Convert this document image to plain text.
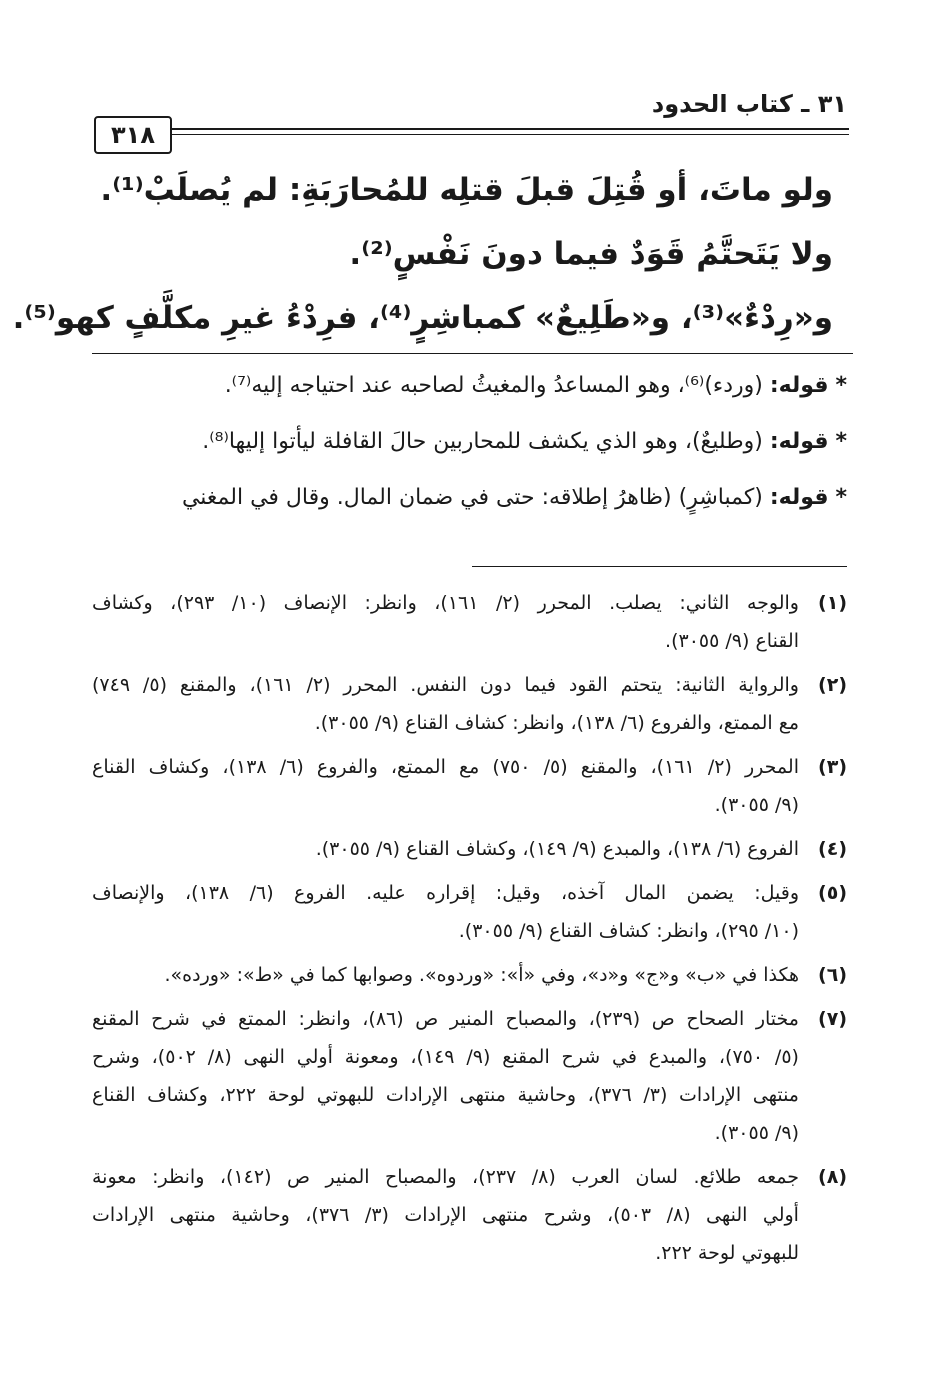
٣١ ـ كتاب الحدود
٣١٨
ولو ماتَ، أو قُتِلَ قبلَ قتلِه للمُحارَبَةِ: لم يُصلَبْ⁽¹⁾.
ولا يَتَحتَّمُ قَوَدٌ فيما دونَ نَفْسٍ⁽²⁾.
و«رِدْءٌ»⁽³⁾، و«طَلِيعٌ» كمباشِرٍ⁽⁴⁾، فرِدْءُ غيرِ مكلَّفٍ كهو⁽⁵⁾.
* قوله: (وردء)⁽⁶⁾، وهو المساعدُ والمغيثُ لصاحبه عند احتياجه إليه⁽⁷⁾.
* قوله: (وطليعٌ)، وهو الذي يكشف للمحاربين حالَ القافلة ليأتوا إليها⁽⁸⁾.
* قوله: (كمباشِرٍ) (ظاهرُ إطلاقه: حتى في ضمان المال. وقال في المغني
(١)
والوجه الثاني: يصلب. المحرر (٢/ ١٦١)، وانظر: الإنصاف (١٠/ ٢٩٣)، وكشاف
القناع (٩/ ٣٠٥٥).
(٢)
والرواية الثانية: يتحتم القود فيما دون النفس. المحرر (٢/ ١٦١)، والمقنع (٥/ ٧٤٩)
مع الممتع، والفروع (٦/ ١٣٨)، وانظر: كشاف القناع (٩/ ٣٠٥٥).
(٣)
المحرر (٢/ ١٦١)، والمقنع (٥/ ٧٥٠) مع الممتع، والفروع (٦/ ١٣٨)، وكشاف القناع
(٩/ ٣٠٥٥).
(٤)
الفروع (٦/ ١٣٨)، والمبدع (٩/ ١٤٩)، وكشاف القناع (٩/ ٣٠٥٥).
(٥)
وقيل: يضمن المال آخذه، وقيل: إقراره عليه. الفروع (٦/ ١٣٨)، والإنصاف
(١٠/ ٢٩٥)، وانظر: كشاف القناع (٩/ ٣٠٥٥).
(٦)
هكذا في «ب» و«ج» و«د»، وفي «أ»: «وردوه». وصوابها كما في «ط»: «ورده».
(٧)
مختار الصحاح ص (٢٣٩)، والمصباح المنير ص (٨٦)، وانظر: الممتع في شرح المقنع
(٥/ ٧٥٠)، والمبدع في شرح المقنع (٩/ ١٤٩)، ومعونة أولي النهى (٨/ ٥٠٢)، وشرح
منتهى الإرادات (٣/ ٣٧٦)، وحاشية منتهى الإرادات للبهوتي لوحة ٢٢٢، وكشاف القناع
(٩/ ٣٠٥٥).
(٨)
جمعه طلائع. لسان العرب (٨/ ٢٣٧)، والمصباح المنير ص (١٤٢)، وانظر: معونة
أولي النهى (٨/ ٥٠٣)، وشرح منتهى الإرادات (٣/ ٣٧٦)، وحاشية منتهى الإرادات
للبهوتي لوحة ٢٢٢.
